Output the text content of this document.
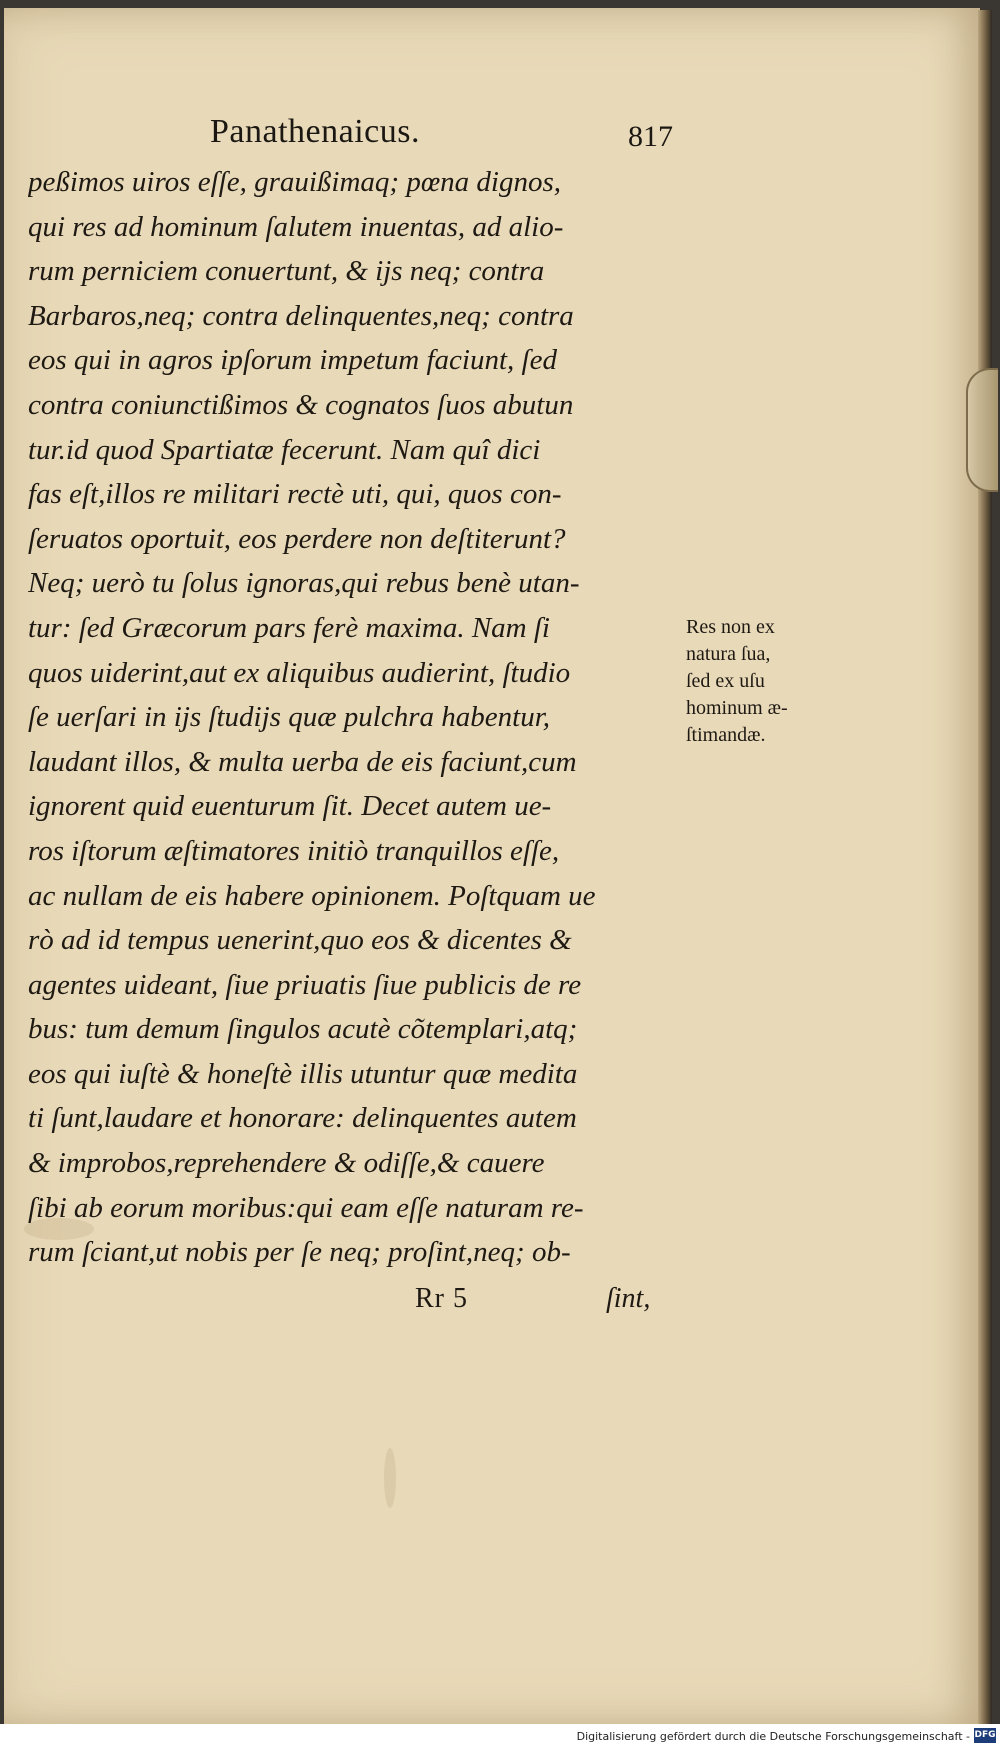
Panathenaicus.	817
peßimos uiros eſſe, grauißimaq; pœna dignos,
qui res ad hominum ſalutem inuentas, ad alio-
rum perniciem conuertunt, & ijs neq; contra
Barbaros,neq; contra delinquentes,neq; contra
eos qui in agros ipſorum impetum faciunt, ſed
contra coniunctißimos & cognatos ſuos abutun
tur.id quod Spartiatæ fecerunt. Nam quî dici
fas eſt,illos re militari rectè uti, qui, quos con-
ſeruatos oportuit, eos perdere non deſtiterunt?
Neq; uerò tu ſolus ignoras,qui rebus benè utan-
tur: ſed Græcorum pars ferè maxima. Nam ſi
quos uiderint,aut ex aliquibus audierint, ſtudio
ſe uerſari in ijs ſtudijs quæ pulchra habentur,
laudant illos, & multa uerba de eis faciunt,cum
ignorent quid euenturum ſit. Decet autem ue-
ros iſtorum æſtimatores initiò tranquillos eſſe,
ac nullam de eis habere opinionem. Poſtquam ue
rò ad id tempus uenerint,quo eos & dicentes &
agentes uideant, ſiue priuatis ſiue publicis de re
bus: tum demum ſingulos acutè cõtemplari,atq;
eos qui iuſtè & honeſtè illis utuntur quæ medita
ti ſunt,laudare et honorare: delinquentes autem
& improbos,reprehendere & odiſſe,& cauere
ſibi ab eorum moribus:qui eam eſſe naturam re-
rum ſciant,ut nobis per ſe neq; proſint,neq; ob-
Res non ex
natura ſua,
ſed ex uſu
hominum æ-
ſtimandæ.
Rr 5	ſint,
Digitalisierung gefördert durch die Deutsche Forschungsgemeinschaft - DFG
